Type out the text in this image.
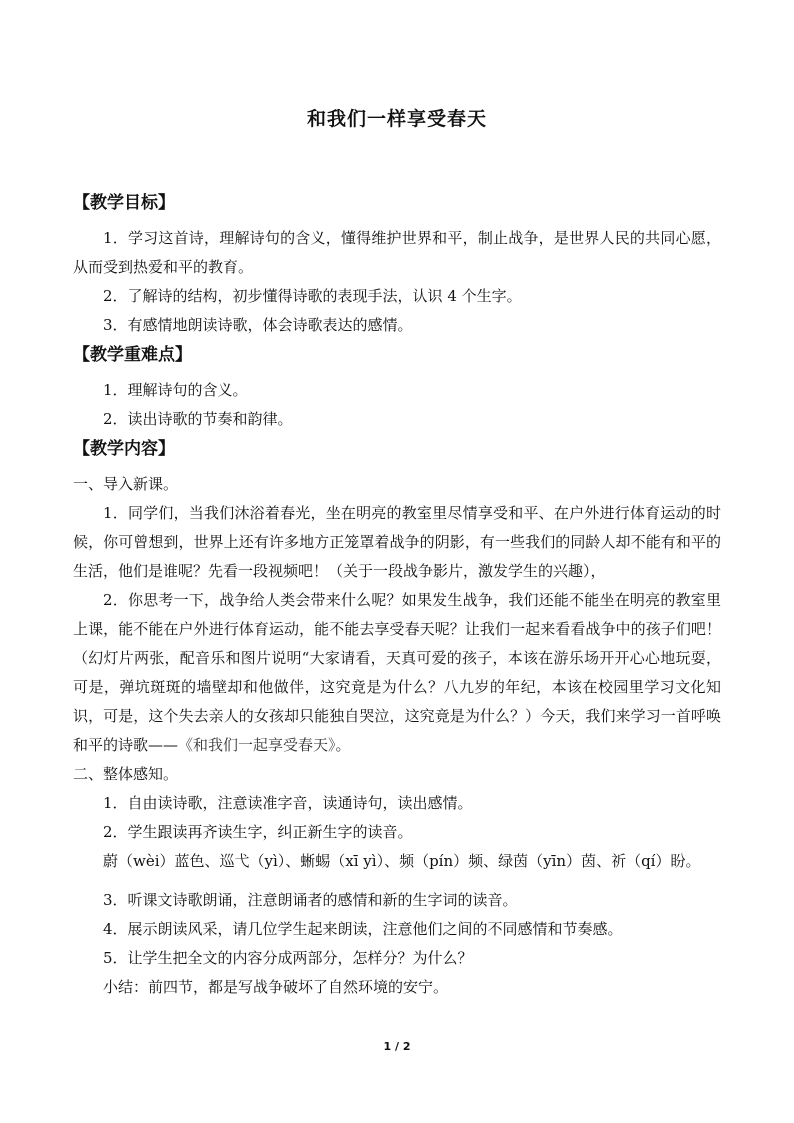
和我们一样享受春天
【教学目标】

1．学习这首诗，理解诗句的含义，懂得维护世界和平，制止战争，是世界人民的共同心愿，从而受到热爱和平的教育。

2．了解诗的结构，初步懂得诗歌的表现手法，认识 4 个生字。

3．有感情地朗读诗歌，体会诗歌表达的感情。

【教学重难点】

1．理解诗句的含义。

2．读出诗歌的节奏和韵律。

【教学内容】

一、导入新课。

1．同学们，当我们沐浴着春光，坐在明亮的教室里尽情享受和平、在户外进行体育运动的时候，你可曾想到，世界上还有许多地方正笼罩着战争的阴影，有一些我们的同龄人却不能有和平的生活，他们是谁呢？先看一段视频吧！（关于一段战争影片，激发学生的兴趣），

2．你思考一下，战争给人类会带来什么呢？如果发生战争，我们还能不能坐在明亮的教室里上课，能不能在户外进行体育运动，能不能去享受春天呢？让我们一起来看看战争中的孩子们吧！（幻灯片两张，配音乐和图片说明“大家请看，天真可爱的孩子，本该在游乐场开开心心地玩耍，可是，弹坑斑斑的墙壁却和他做伴，这究竟是为什么？八九岁的年纪，本该在校园里学习文化知识，可是，这个失去亲人的女孩却只能独自哭泣，这究竟是为什么？）今天，我们来学习一首呼唤和平的诗歌——《和我们一起享受春天》。

二、整体感知。

1．自由读诗歌，注意读准字音，读通诗句，读出感情。

2．学生跟读再齐读生字，纠正新生字的读音。

蔚（wèi）蓝色、巡弋（yì）、蜥蜴（xī yì）、频（pín）频、绿茵（yīn）茵、祈（qí）盼。

3．听课文诗歌朗诵，注意朗诵者的感情和新的生字词的读音。

4．展示朗读风采，请几位学生起来朗读，注意他们之间的不同感情和节奏感。

5．让学生把全文的内容分成两部分，怎样分？为什么？

小结：前四节，都是写战争破坏了自然环境的安宁。

1 / 2
